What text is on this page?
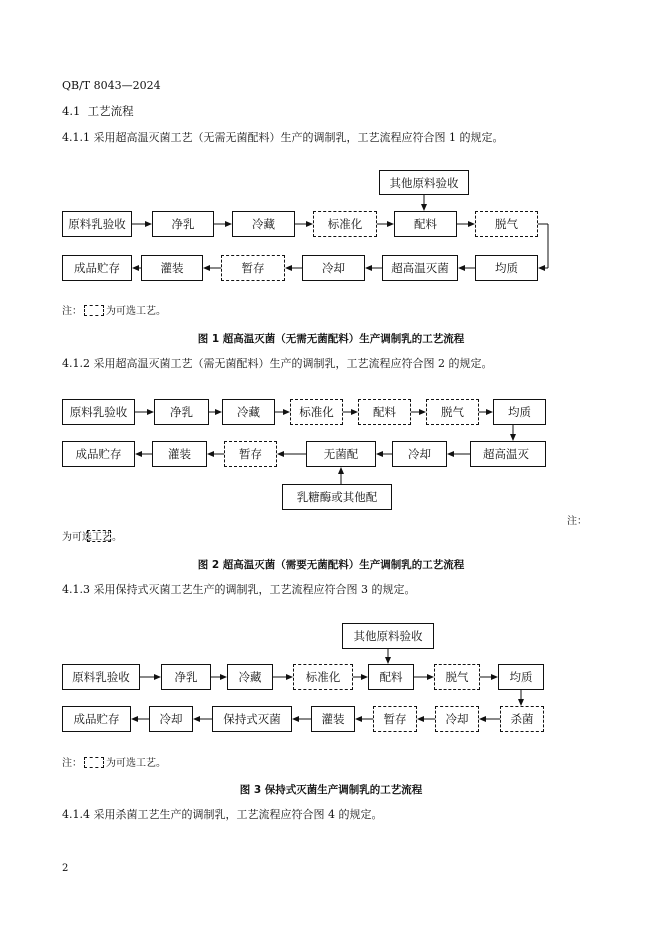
QB/T 8043—2024
4.1 工艺流程
4.1.1 采用超高温灭菌工艺（无需无菌配料）生产的调制乳，工艺流程应符合图 1 的规定。
其他原料验收
原料乳验收	净乳	冷藏	标准化	配料	脱气
成品贮存	灌装	暂存	冷却	超高温灭菌	均质
注： 为可选工艺。
图 1 超高温灭菌（无需无菌配料）生产调制乳的工艺流程
4.1.2 采用超高温灭菌工艺（需无菌配料）生产的调制乳，工艺流程应符合图 2 的规定。
原料乳验收	净乳	冷藏	标准化	配料	脱气	均质
成品贮存	灌装	暂存	无菌配	冷却	超高温灭
乳糖酶或其他配
注：
为可选工艺。
图 2 超高温灭菌（需要无菌配料）生产调制乳的工艺流程
4.1.3 采用保持式灭菌工艺生产的调制乳，工艺流程应符合图 3 的规定。
其他原料验收
原料乳验收	净乳	冷藏	标准化	配料	脱气	均质
成品贮存	冷却	保持式灭菌	灌装	暂存	冷却	杀菌
注： 为可选工艺。
图 3 保持式灭菌生产调制乳的工艺流程
4.1.4 采用杀菌工艺生产的调制乳，工艺流程应符合图 4 的规定。
2
